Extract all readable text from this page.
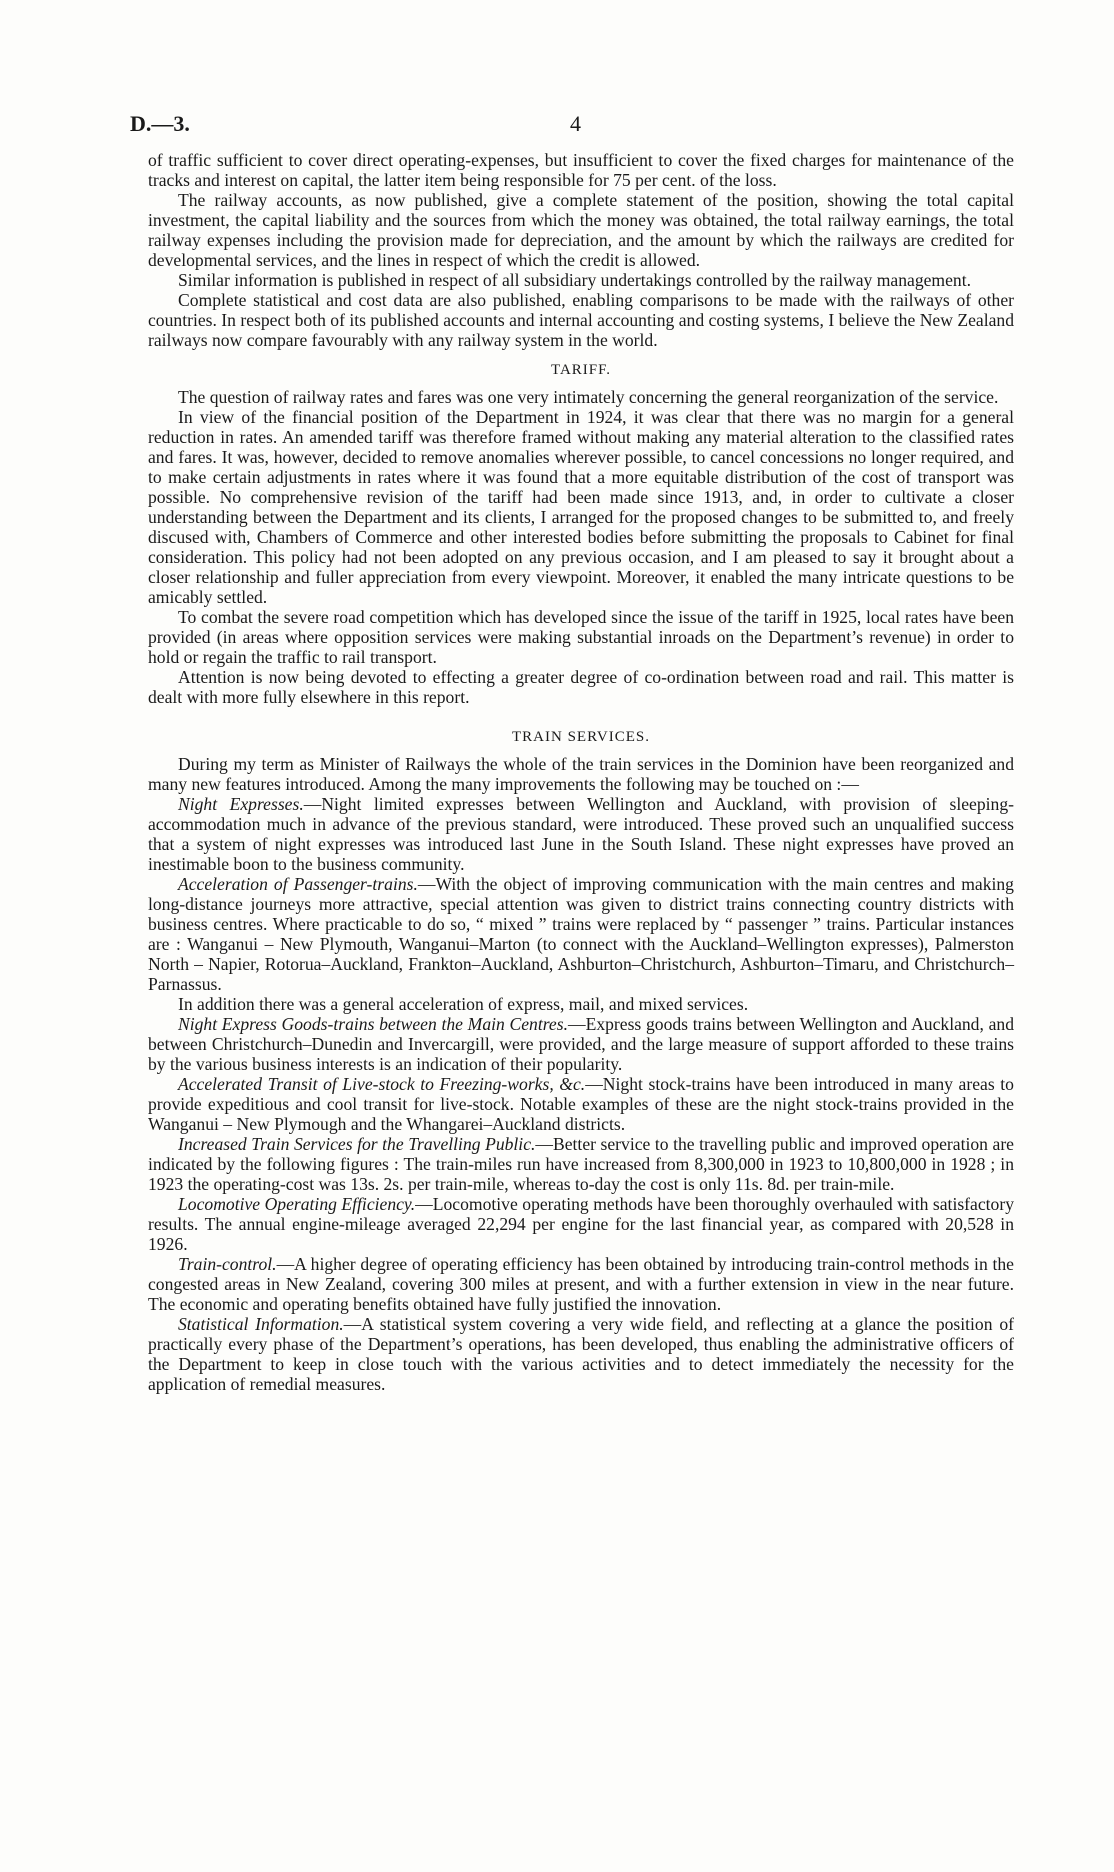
D.—3.	4

of traffic sufficient to cover direct operating-expenses, but insufficient to cover the fixed charges for maintenance of the tracks and interest on capital, the latter item being responsible for 75 per cent. of the loss.

The railway accounts, as now published, give a complete statement of the position, showing the total capital investment, the capital liability and the sources from which the money was obtained, the total railway earnings, the total railway expenses including the provision made for depreciation, and the amount by which the railways are credited for developmental services, and the lines in respect of which the credit is allowed.

Similar information is published in respect of all subsidiary undertakings controlled by the railway management.

Complete statistical and cost data are also published, enabling comparisons to be made with the railways of other countries. In respect both of its published accounts and internal accounting and costing systems, I believe the New Zealand railways now compare favourably with any railway system in the world.

TARIFF.

The question of railway rates and fares was one very intimately concerning the general reorganization of the service.

In view of the financial position of the Department in 1924, it was clear that there was no margin for a general reduction in rates. An amended tariff was therefore framed without making any material alteration to the classified rates and fares. It was, however, decided to remove anomalies wherever possible, to cancel concessions no longer required, and to make certain adjustments in rates where it was found that a more equitable distribution of the cost of transport was possible. No comprehensive revision of the tariff had been made since 1913, and, in order to cultivate a closer understanding between the Department and its clients, I arranged for the proposed changes to be submitted to, and freely discused with, Chambers of Commerce and other interested bodies before submitting the proposals to Cabinet for final consideration. This policy had not been adopted on any previous occasion, and I am pleased to say it brought about a closer relationship and fuller appreciation from every viewpoint. Moreover, it enabled the many intricate questions to be amicably settled.

To combat the severe road competition which has developed since the issue of the tariff in 1925, local rates have been provided (in areas where opposition services were making substantial inroads on the Department’s revenue) in order to hold or regain the traffic to rail transport.

Attention is now being devoted to effecting a greater degree of co-ordination between road and rail. This matter is dealt with more fully elsewhere in this report.

TRAIN SERVICES.

During my term as Minister of Railways the whole of the train services in the Dominion have been reorganized and many new features introduced. Among the many improvements the following may be touched on :—

Night Expresses.—Night limited expresses between Wellington and Auckland, with provision of sleeping-accommodation much in advance of the previous standard, were introduced. These proved such an unqualified success that a system of night expresses was introduced last June in the South Island. These night expresses have proved an inestimable boon to the business community.

Acceleration of Passenger-trains.—With the object of improving communication with the main centres and making long-distance journeys more attractive, special attention was given to district trains connecting country districts with business centres. Where practicable to do so, “ mixed ” trains were replaced by “ passenger ” trains. Particular instances are : Wanganui – New Plymouth, Wanganui–Marton (to connect with the Auckland–Wellington expresses), Palmerston North – Napier, Rotorua–Auckland, Frankton–Auckland, Ashburton–Christchurch, Ashburton–Timaru, and Christchurch–Parnassus.

In addition there was a general acceleration of express, mail, and mixed services.

Night Express Goods-trains between the Main Centres.—Express goods trains between Wellington and Auckland, and between Christchurch–Dunedin and Invercargill, were provided, and the large measure of support afforded to these trains by the various business interests is an indication of their popularity.

Accelerated Transit of Live-stock to Freezing-works, &c.—Night stock-trains have been introduced in many areas to provide expeditious and cool transit for live-stock. Notable examples of these are the night stock-trains provided in the Wanganui – New Plymough and the Whangarei–Auckland districts.

Increased Train Services for the Travelling Public.—Better service to the travelling public and improved operation are indicated by the following figures : The train-miles run have increased from 8,300,000 in 1923 to 10,800,000 in 1928 ; in 1923 the operating-cost was 13s. 2s. per train-mile, whereas to-day the cost is only 11s. 8d. per train-mile.

Locomotive Operating Efficiency.—Locomotive operating methods have been thoroughly overhauled with satisfactory results. The annual engine-mileage averaged 22,294 per engine for the last financial year, as compared with 20,528 in 1926.

Train-control.—A higher degree of operating efficiency has been obtained by introducing train-control methods in the congested areas in New Zealand, covering 300 miles at present, and with a further extension in view in the near future. The economic and operating benefits obtained have fully justified the innovation.

Statistical Information.—A statistical system covering a very wide field, and reflecting at a glance the position of practically every phase of the Department’s operations, has been developed, thus enabling the administrative officers of the Department to keep in close touch with the various activities and to detect immediately the necessity for the application of remedial measures.
